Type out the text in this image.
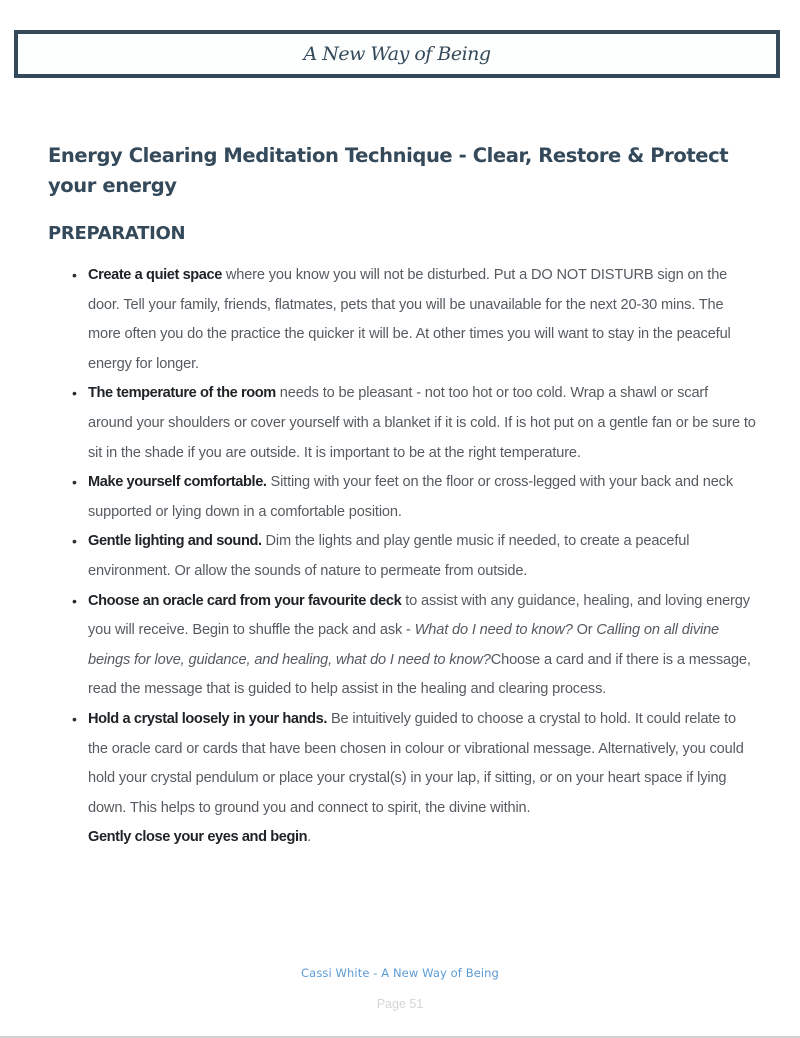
A New Way of Being
Energy Clearing Meditation Technique - Clear, Restore & Protect your energy
PREPARATION
• Create a quiet space where you know you will not be disturbed. Put a DO NOT DISTURB sign on the door. Tell your family, friends, flatmates, pets that you will be unavailable for the next 20-30 mins. The more often you do the practice the quicker it will be. At other times you will want to stay in the peaceful energy for longer.
• The temperature of the room needs to be pleasant - not too hot or too cold. Wrap a shawl or scarf around your shoulders or cover yourself with a blanket if it is cold. If is hot put on a gentle fan or be sure to sit in the shade if you are outside. It is important to be at the right temperature.
• Make yourself comfortable. Sitting with your feet on the floor or cross-legged with your back and neck supported or lying down in a comfortable position.
• Gentle lighting and sound. Dim the lights and play gentle music if needed, to create a peaceful environment. Or allow the sounds of nature to permeate from outside.
• Choose an oracle card from your favourite deck to assist with any guidance, healing, and loving energy you will receive. Begin to shuffle the pack and ask - What do I need to know? Or Calling on all divine beings for love, guidance, and healing, what do I need to know?Choose a card and if there is a message, read the message that is guided to help assist in the healing and clearing process.
• Hold a crystal loosely in your hands. Be intuitively guided to choose a crystal to hold. It could relate to the oracle card or cards that have been chosen in colour or vibrational message. Alternatively, you could hold your crystal pendulum or place your crystal(s) in your lap, if sitting, or on your heart space if lying down. This helps to ground you and connect to spirit, the divine within.
Gently close your eyes and begin.
Cassi White - A New Way of Being
Page 51
